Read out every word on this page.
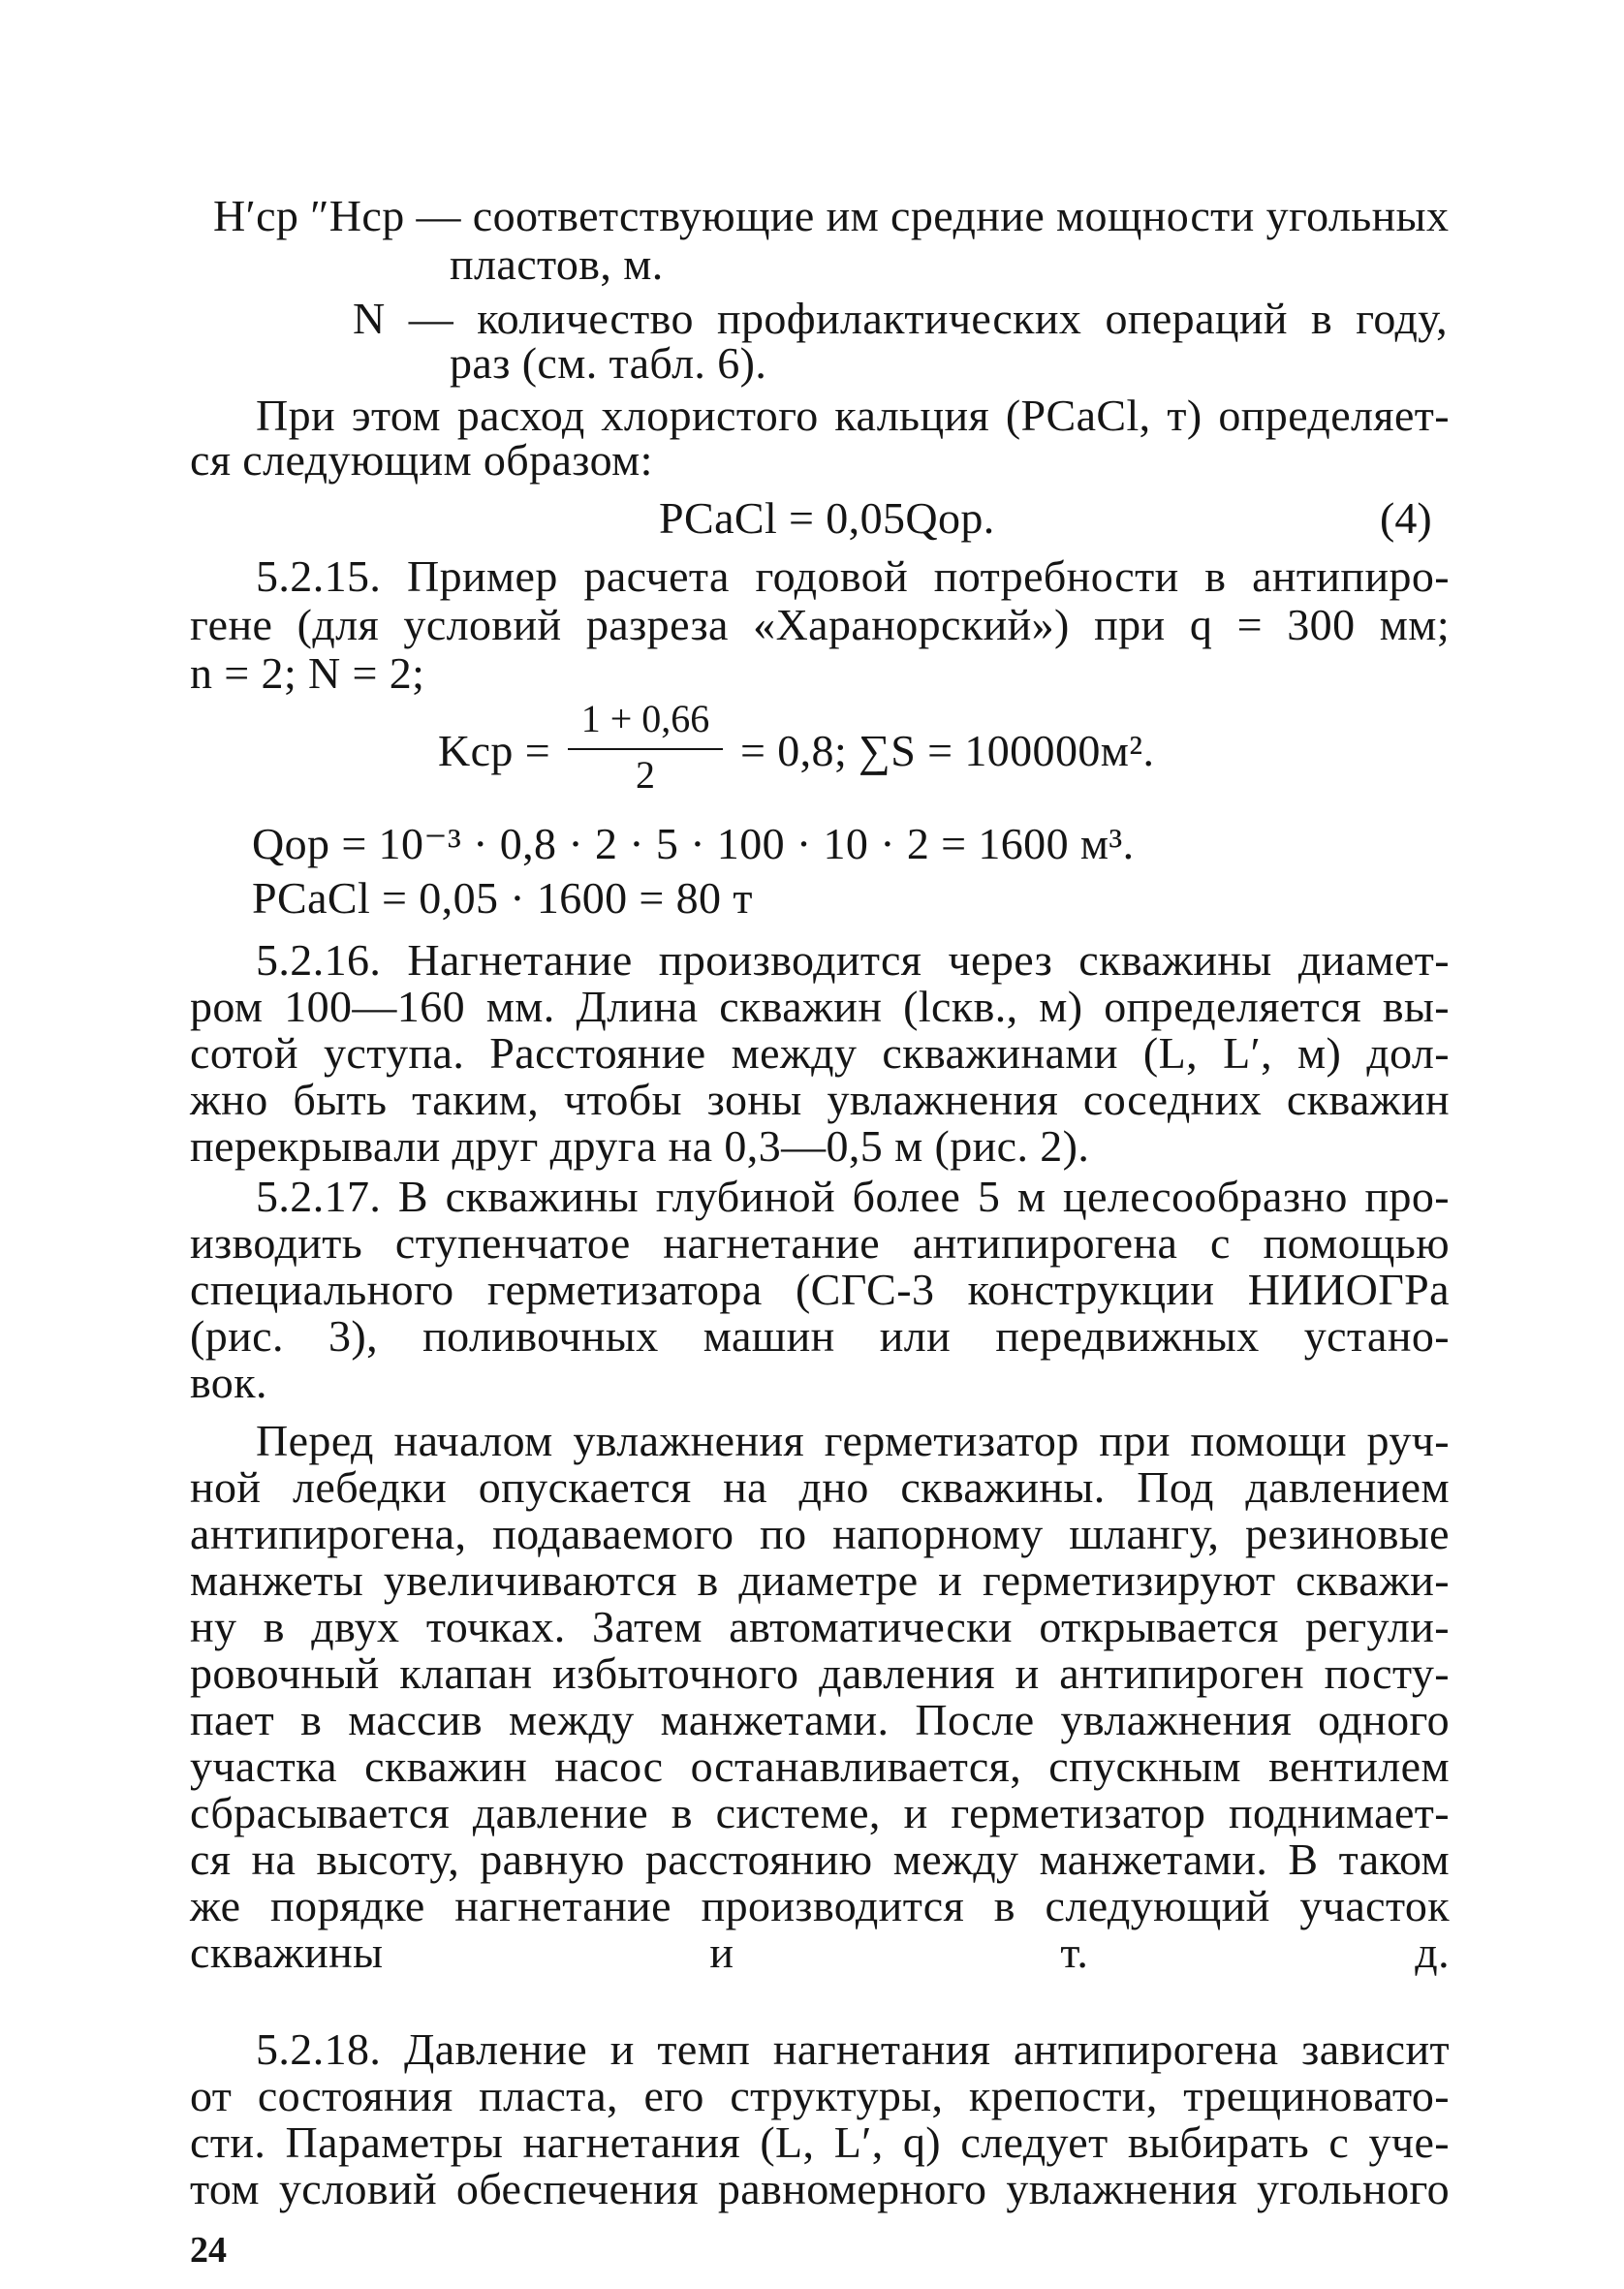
H′ср ″Hср — соответствующие им средние мощности угольных
пластов, м.
N — количество профилактических операций в году,
раз (см. табл. 6).
При этом расход хлористого кальция (PCaCl, т) определяет-
ся следующим образом:
PCaCl = 0,05Qор.	(4)
5.2.15. Пример расчета годовой потребности в антипиро-
гене (для условий разреза «Харанорский») при q = 300 мм;
n = 2; N = 2;
Kср =
1 + 0,66
2	= 0,8; ∑S = 100000м².
Qор = 10⁻³ · 0,8 · 2 · 5 · 100 · 10 · 2 = 1600 м³.
PCaCl = 0,05 · 1600 = 80 т
5.2.16. Нагнетание производится через скважины диамет-
ром 100—160 мм. Длина скважин (lскв., м) определяется вы-
сотой уступа. Расстояние между скважинами (L, L′, м) дол-
жно быть таким, чтобы зоны увлажнения соседних скважин
перекрывали друг друга на 0,3—0,5 м (рис. 2).
5.2.17. В скважины глубиной более 5 м целесообразно про-
изводить ступенчатое нагнетание антипирогена с помощью
специального герметизатора (СГС-3 конструкции НИИОГРа
(рис. 3), поливочных машин или передвижных устано-
вок.
Перед началом увлажнения герметизатор при помощи руч-
ной лебедки опускается на дно скважины. Под давлением
антипирогена, подаваемого по напорному шлангу, резиновые
манжеты увеличиваются в диаметре и герметизируют скважи-
ну в двух точках. Затем автоматически открывается регули-
ровочный клапан избыточного давления и антипироген посту-
пает в массив между манжетами. После увлажнения одного
участка скважин насос останавливается, спускным вентилем
сбрасывается давление в системе, и герметизатор поднимает-
ся на высоту, равную расстоянию между манжетами. В таком
же порядке нагнетание производится в следующий участок
скважины и т. д.
5.2.18. Давление и темп нагнетания антипирогена зависит
от состояния пласта, его структуры, крепости, трещиновато-
сти. Параметры нагнетания (L, L′, q) следует выбирать с уче-
том условий обеспечения равномерного увлажнения угольного
24
